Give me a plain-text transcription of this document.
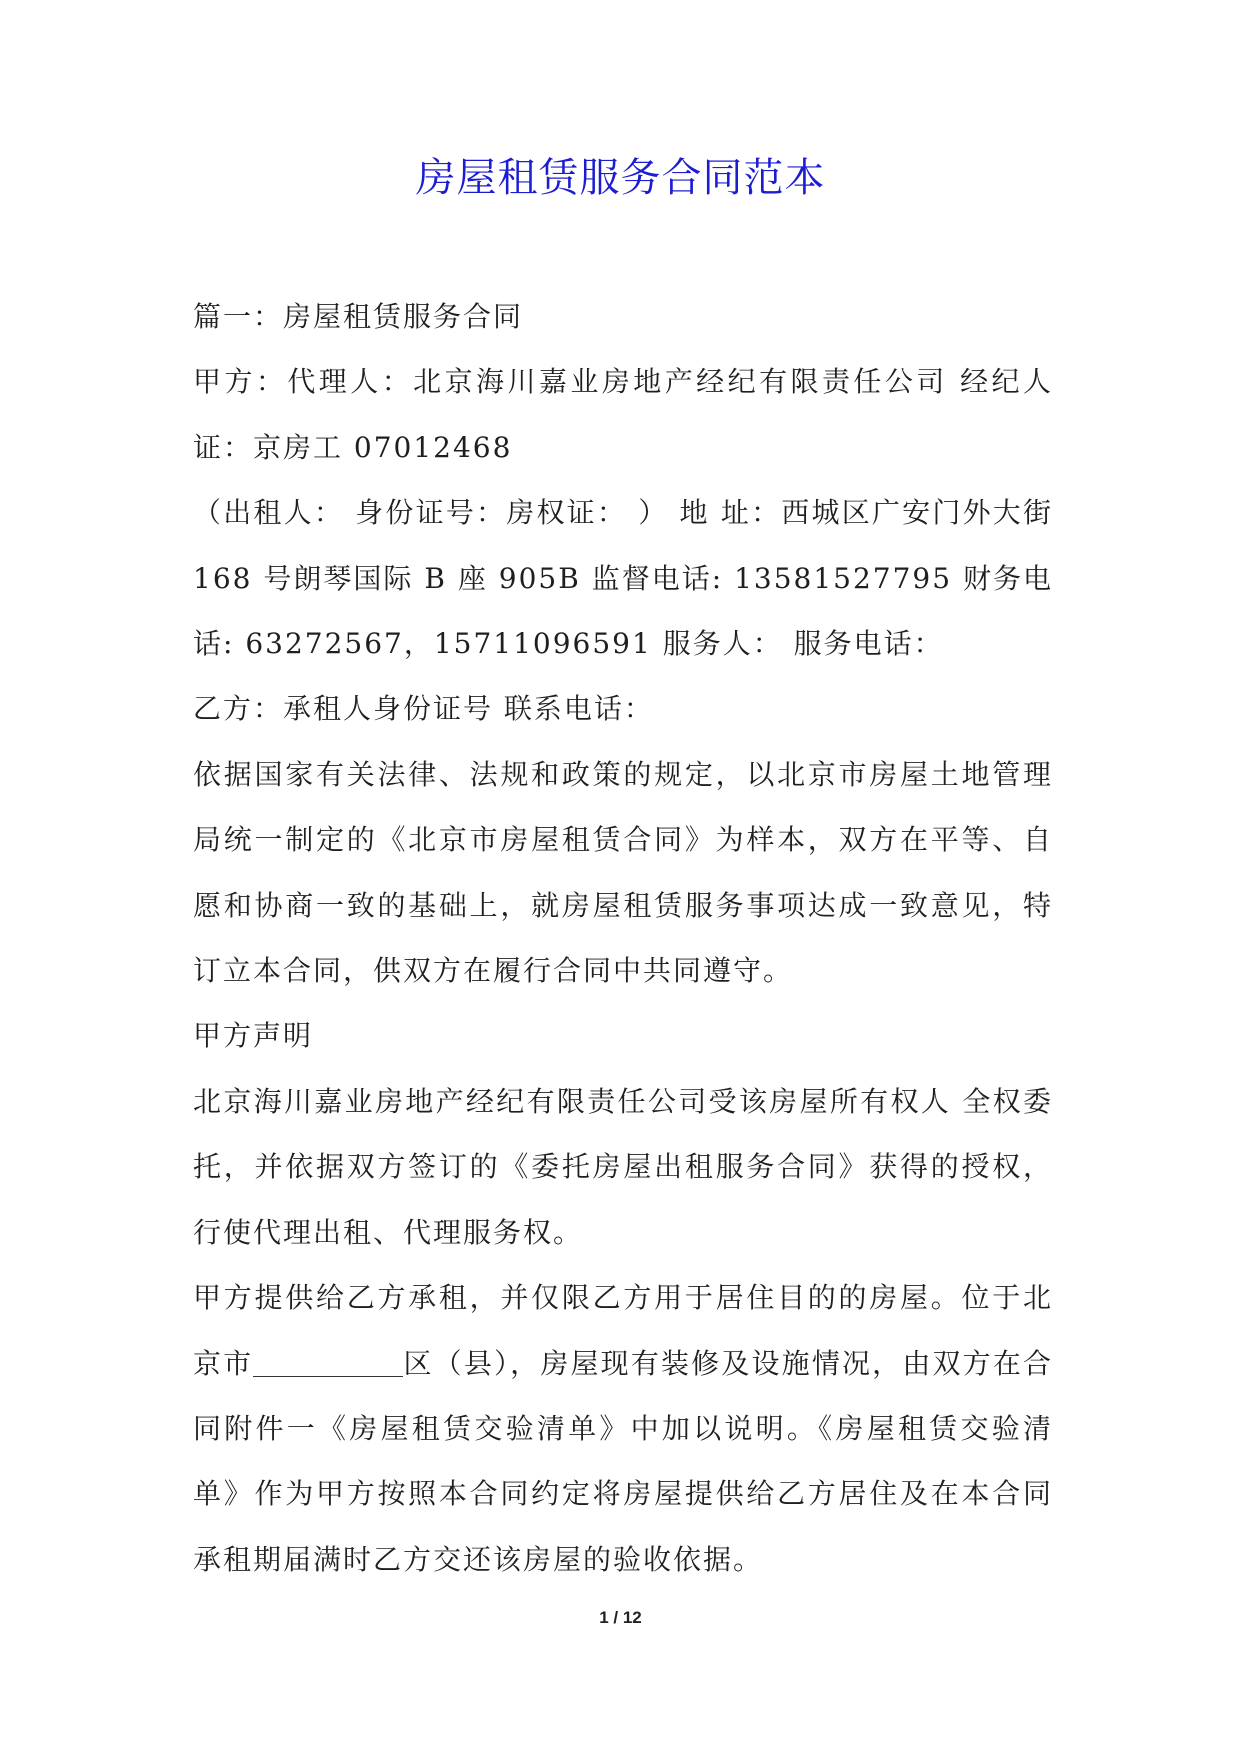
房屋租赁服务合同范本

篇一：房屋租赁服务合同

甲方：代理人：北京海川嘉业房地产经纪有限责任公司 经纪人证：京房工 07012468

（出租人： 身份证号：房权证： ） 地 址：西城区广安门外大街 168 号朗琴国际 B 座 905B 监督电话: 13581527795 财务电话: 63272567，15711096591 服务人： 服务电话：

乙方：承租人身份证号 联系电话：

依据国家有关法律、法规和政策的规定，以北京市房屋土地管理局统一制定的《北京市房屋租赁合同》为样本，双方在平等、自愿和协商一致的基础上，就房屋租赁服务事项达成一致意见，特订立本合同，供双方在履行合同中共同遵守。

甲方声明

北京海川嘉业房地产经纪有限责任公司受该房屋所有权人 全权委托，并依据双方签订的《委托房屋出租服务合同》获得的授权，行使代理出租、代理服务权。

甲方提供给乙方承租，并仅限乙方用于居住目的的房屋。位于北京市	区（县），房屋现有装修及设施情况，由双方在合同附件一《房屋租赁交验清单》中加以说明。《房屋租赁交验清单》作为甲方按照本合同约定将房屋提供给乙方居住及在本合同承租期届满时乙方交还该房屋的验收依据。

1 / 12
